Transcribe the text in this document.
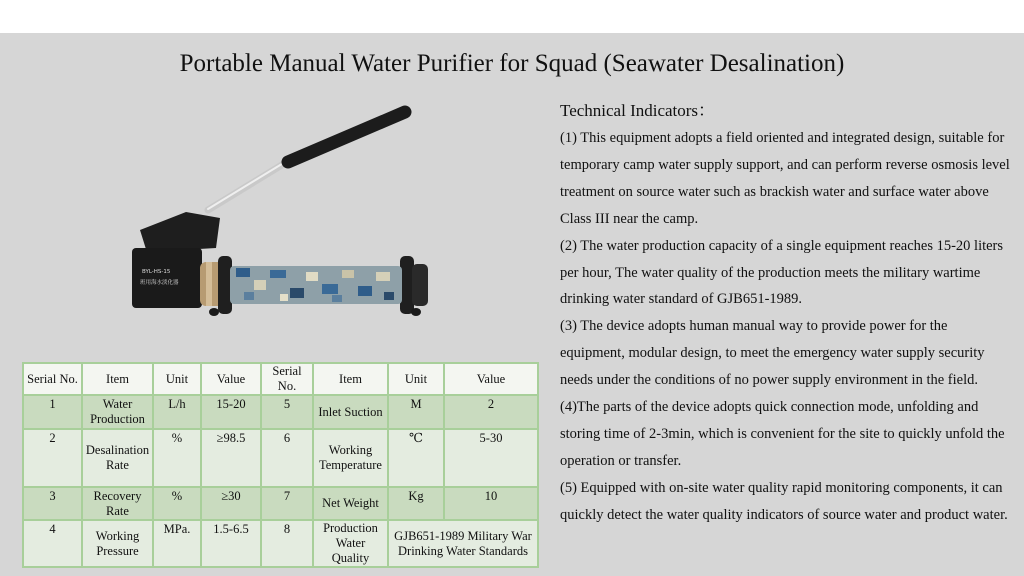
Portable Manual Water Purifier for Squad (Seawater Desalination)
BYL-HS-15
班用海水淡化器
Technical Indicators：

(1) This equipment adopts a field oriented and integrated design, suitable for temporary camp water supply support, and can perform reverse osmosis level treatment on source water such as brackish water and surface water above Class III near the camp.

(2) The water production capacity of a single equipment reaches 15-20 liters per hour, The water quality of the production meets the military wartime drinking water standard of GJB651-1989.

(3) The device adopts human manual way to provide power for the equipment, modular design, to meet the emergency water supply security needs under the conditions of no power supply environment in the field.

(4)The parts of the device adopts quick connection mode, unfolding and storing time of 2-3min, which is convenient for the site to quickly unfold the operation or transfer.

(5) Equipped with on-site water quality rapid monitoring components, it can quickly detect the water quality indicators of source water and product water.

Serial No.	Item	Unit	Value	Serial No.	Item	Unit	Value
1	Water Production	L/h	15-20	5	Inlet Suction	M	2
2	Desalination Rate	%	≥98.5	6	Working Temperature	℃	5-30
3	Recovery Rate	%	≥30	7	Net Weight	Kg	10
4	Working Pressure	MPa.	1.5-6.5	8	Production Water Quality	GJB651-1989 Military War Drinking Water Standards	
